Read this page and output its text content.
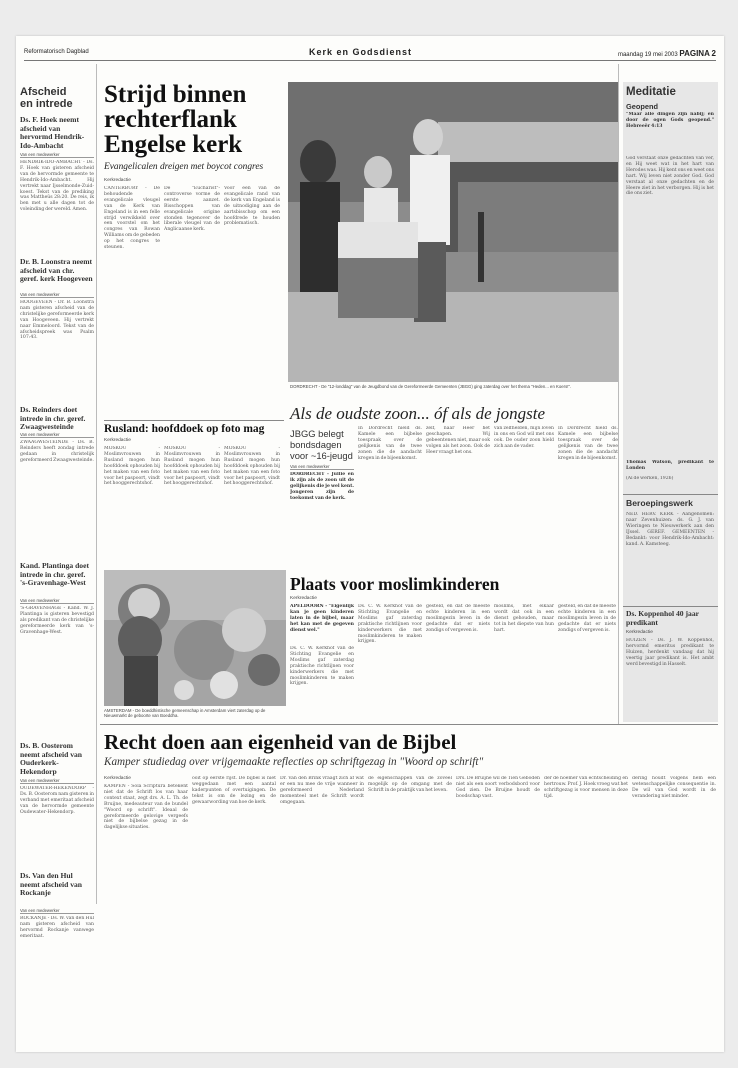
Reformatorisch Dagblad	Kerk en Godsdienst	maandag 19 mei 2003 PAGINA 2
Afscheid
en intrede
Ds. F. Hoek neemt afscheid van hervormd Hendrik-Ido-Ambacht
Van een medewerker
HENDRIK-IDO-AMBACHT - Ds. F. Hoek van gisteren afscheid van de hervormde gemeente te Hendrik-Ido-Ambacht. Hij vertrekt naar Ijsselmonde-Zuid-koest. Tekst van de prediking was Mattheüs 28:20. De reis, ik ben met u alle dagen tot de voleinding der wereld. Amen.
Dr. B. Loonstra neemt afscheid van chr. geref. kerk Hoogeveen
Van een medewerker
HOOGEVEEN - Dr. B. Loonstra nam gisteren afscheid van de christelijke gereformeerde kerk van Hoogeveen. Hij vertrekt naar Emmeloord. Tekst van de afscheidspreek was Psalm 107:43.
Ds. Reinders doet intrede in chr. geref. Zwaagwesteinde
Van een medewerker
ZWAAGWESTEINDE - Ds. B. Reinders heeft zondag intrede gedaan in christelijk gereformeerd Zwaagwesteinde.
Kand. Plantinga doet intrede in chr. geref. 's-Gravenhage-West
Van een medewerker
'S-GRAVENHAGE - Kand. W. J. Plantinga is gisteren bevestigd als predikant van de christelijke gereformeerde kerk van 's-Gravenhage-West.
Ds. B. Oosterom neemt afscheid van Ouderkerk-Hekendorp
Van een medewerker
OUDEWATER-HEKENDORP - Ds. B. Oosterom nam gisteren in verband met emeritaat afscheid van de hervormde gemeente Oudewater-Hekendorp.
Ds. Van den Hul neemt afscheid van Rockanje
Van een medewerker
ROCKANJE - Ds. W. van den Hul nam gisteren afscheid van hervormd Rockanje vanwege emeritaat.
Strijd binnen
rechterflank
Engelse kerk
Evangelicalen dreigen met boycot congres
Kerkredactie
CANTERBURY - De behoudende evangelicale vleugel van de Kerk van Engeland is in een felle strijd verwikkeld over een voorstel om het congres van Rowan Williams om de gebeden op het congres te steunen.
De "Eucharist"-controverse vorme de eerste aanzet. Bisschoppen van evangelicale origine stonden tegenover de liberale vleugel van de Anglicaanse kerk.
Voor een van de evangelicale rand van de kerk van Engeland is de uitnodiging aan de aartsbisschop om een hoofdrede te houden problematisch.
Rusland: hoofddoek op foto mag
Kerkredactie
MOSKOU - Moslimvrouwen in Rusland mogen hun hoofddoek ophouden bij het maken van een foto voor het paspoort, vindt het hooggerechtshof.
MOSKOU - Moslimvrouwen in Rusland mogen hun hoofddoek ophouden bij het maken van een foto voor het paspoort, vindt het hooggerechtshof.
MOSKOU - Moslimvrouwen in Rusland mogen hun hoofddoek ophouden bij het maken van een foto voor het paspoort, vindt het hooggerechtshof.
DORDRECHT - De "12-londdag" van de Jeugdbond van de Gereformeerde Gemeenten (JBGG) ging zaterdag over het thema "Heden... en Koers!".
Als de oudste zoon... óf als de jongste
JBGG belegt bondsdagen voor ~16-jeugd
Van een medewerker
DORDRECHT - Jullie en ik zijn als de zoon uit de gelijkenis die je wel kent. Jongeren zijn de toekomst van de kerk.
In Dordrecht hield ds. Kamele een bijbelse toespraak over de gelijkenis van de twee zonen die de aandacht kregen in de bijeenkomst.
zelf, naar Heer het geschapen. Wij gebeentenen niet, maar ook volgen als het zoon. Ook de Heer vraagt het ons.
van zelfhelden, mijn loven in ons en God wil met ons ook. De ouder zoon hield zich aan de vader.
In Dordrecht hield ds. Kamele een bijbelse toespraak over de gelijkenis van de twee zonen die de aandacht kregen in de bijeenkomst.
AMSTERDAM - De boeddhistische gemeenschap in Amsterdam viert zaterdag op de Nieuwmarkt de geboorte van Boeddha.
Plaats voor moslimkinderen
Kerkredactie
APELDOORN - "Eigenlijk kan je geen kinderen laten in de bijbel, maar het kan met de gegeven dienst wel."
Ds. C. W. Kerkhof van de Stichting Evangelie en Moslims gaf zaterdag praktische richtlijnen voor kinderwerkers die met moslimkinderen te maken krijgen.
Ds. C. W. Kerkhof van de Stichting Evangelie en Moslims gaf zaterdag praktische richtlijnen voor kinderwerkers die met moslimkinderen te maken krijgen.
gesteld, en dat de meeste echte kinderen in een moslimgezin leven in de gedachte dat er niets zondigs of vergeven is.
moslims, met elkaar wordt dat ook in een dienst gehouden, maar tot in het diepste van hun hart.
gesteld, en dat de meeste echte kinderen in een moslimgezin leven in de gedachte dat er niets zondigs of vergeven is.
Meditatie
Geopend
"Maar alle dingen zijn nabij; en door de ogen Gods geopend." Hebreeër 4:13
God verstaat onze gedachten van ver, en Hij weet wat in het hart van Herodes was. Hij kent ons en weet ons hart. Wij leven niet zonder God. God verstaat al onze gedachten en de Heere ziet in het verborgen. Hij is het die ons ziet.
Thomas Watson, predikant te Londen
(Al de werken, 1926)
Beroepingswerk
NED. HERV. KERK - Aangenomen: naar Zevenhuizen: ds. G. J. van Wieringen te Nieuwerkerk aan den IJssel. GEREF. GEMEENTEN - Bedankt: voor Hendrik-Ido-Ambacht: kand. A. Kamsteeg.
Ds. Koppenhol 40 jaar predikant
Kerkredactie
HUIZEN - Ds. J. W. Koppenhol, hervormd emeritus predikant te Huizen, herdenkt vandaag dat hij veertig jaar predikant is. Het ambt werd bevestigd in Hasselt.
Recht doen aan eigenheid van de Bijbel
Kamper studiedag over vrijgemaakte reflecties op schriftgezag in "Woord op schrift"
Kerkredactie
KAMPEN - Sola Scriptura betekent niet dat de Schrift los van haar context staat, zegt drs. A. L. Th. de Bruijne, medeauteur van de bundel "Woord op schrift". Ideaal de gereformeerde gelovige vergeefs niet de bijbelse gezag in de dagelijkse situaties.
ooit op eerste rijst. De bijbel is niet weggedaan met een aantal kaderpunten of overtuigingen. De tekst is om de lezing en de gewaarwording van hoe de kerk.
Dr. Van den Brink vraagt zich af wat er een nu mee de vrije wanneer in gereformeerd Nederland momenteel met de Schrift wordt omgegaan.
de eigenschappen van de zoveel mogelijk op de omgang met de Schrift in de praktijk van het leven.
Drs. De Bruijne wil de Tien Geboden niet als een soort verbodsbord voor God zien. De Bruijne houdt de boodschap vast.
der de noemer van echtscheiding en hertrouw. Prof. J. Hoek vroeg wat het schriftgezag is voor mensen in deze tijd.
dering houdt volgens hem een wetenschappelijke consequentie in. De wil van God wordt in de verandering niet minder.
